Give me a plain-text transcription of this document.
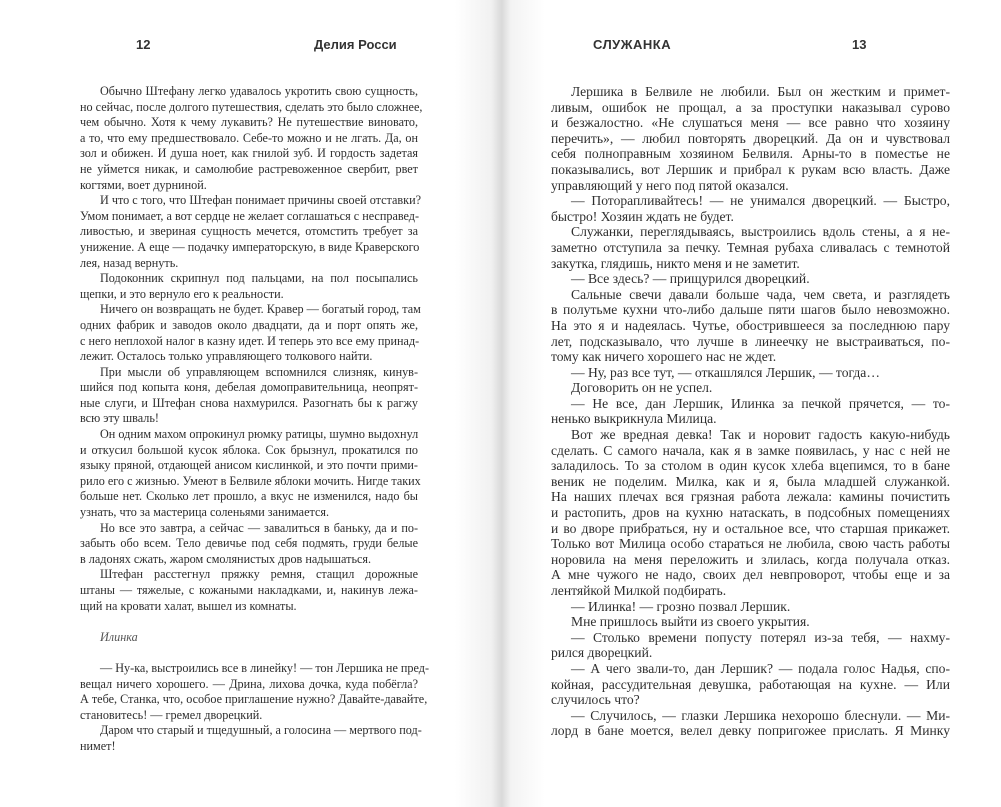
12	Делия Росси
Обычно Штефану легко удавалось укротить свою сущность,
но сейчас, после долгого путешествия, сделать это было сложнее,
чем обычно. Хотя к чему лукавить? Не путешествие виновато,
а то, что ему предшествовало. Себе-то можно и не лгать. Да, он
зол и обижен. И душа ноет, как гнилой зуб. И гордость задетая
не уймется никак, и самолюбие растревоженное свербит, рвет
когтями, воет дурниной.
И что с того, что Штефан понимает причины своей отставки?
Умом понимает, а вот сердце не желает соглашаться с несправед-
ливостью, и звериная сущность мечется, отомстить требует за
унижение. А еще — подачку императорскую, в виде Краверского
лея, назад вернуть.
Подоконник скрипнул под пальцами, на пол посыпались
щепки, и это вернуло его к реальности.
Ничего он возвращать не будет. Кравер — богатый город, там
одних фабрик и заводов около двадцати, да и порт опять же,
с него неплохой налог в казну идет. И теперь это все ему принад-
лежит. Осталось только управляющего толкового найти.
При мысли об управляющем вспомнился слизняк, кинув-
шийся под копыта коня, дебелая домоправительница, неопрят-
ные слуги, и Штефан снова нахмурился. Разогнать бы к рагжу
всю эту шваль!
Он одним махом опрокинул рюмку ратицы, шумно выдохнул
и откусил большой кусок яблока. Сок брызнул, прокатился по
языку пряной, отдающей анисом кислинкой, и это почти прими-
рило его с жизнью. Умеют в Белвиле яблоки мочить. Нигде таких
больше нет. Сколько лет прошло, а вкус не изменился, надо бы
узнать, что за мастерица соленьями занимается.
Но все это завтра, а сейчас — завалиться в баньку, да и по-
забыть обо всем. Тело девичье под себя подмять, груди белые
в ладонях сжать, жаром смолянистых дров надышаться.
Штефан расстегнул пряжку ремня, стащил дорожные
штаны — тяжелые, с кожаными накладками, и, накинув лежа-
щий на кровати халат, вышел из комнаты.
Илинка
— Ну-ка, выстроились все в линейку! — тон Лершика не пред-
вещал ничего хорошего. — Дрина, лихова дочка, куда побёгла?
А тебе, Станка, что, особое приглашение нужно? Давайте-давайте,
становитесь! — гремел дворецкий.
Даром что старый и тщедушный, а голосина — мертвого под-
нимет!
СЛУЖАНКА	13
Лершика в Белвиле не любили. Был он жестким и примет-
ливым, ошибок не прощал, а за проступки наказывал сурово
и безжалостно. «Не слушаться меня — все равно что хозяину
перечить», — любил повторять дворецкий. Да он и чувствовал
себя полноправным хозяином Белвиля. Арны-то в поместье не
показывались, вот Лершик и прибрал к рукам всю власть. Даже
управляющий у него под пятой оказался.
— Поторапливайтесь! — не унимался дворецкий. — Быстро,
быстро! Хозяин ждать не будет.
Служанки, переглядываясь, выстроились вдоль стены, а я не-
заметно отступила за печку. Темная рубаха сливалась с темнотой
закутка, глядишь, никто меня и не заметит.
— Все здесь? — прищурился дворецкий.
Сальные свечи давали больше чада, чем света, и разглядеть
в полутьме кухни что-либо дальше пяти шагов было невозможно.
На это я и надеялась. Чутье, обострившееся за последнюю пару
лет, подсказывало, что лучше в линеечку не выстраиваться, по-
тому как ничего хорошего нас не ждет.
— Ну, раз все тут, — откашлялся Лершик, — тогда…
Договорить он не успел.
— Не все, дан Лершик, Илинка за печкой прячется, — то-
ненько выкрикнула Милица.
Вот же вредная девка! Так и норовит гадость какую-нибудь
сделать. С самого начала, как я в замке появилась, у нас с ней не
заладилось. То за столом в один кусок хлеба вцепимся, то в бане
веник не поделим. Милка, как и я, была младшей служанкой.
На наших плечах вся грязная работа лежала: камины почистить
и растопить, дров на кухню натаскать, в подсобных помещениях
и во дворе прибраться, ну и остальное все, что старшая прикажет.
Только вот Милица особо стараться не любила, свою часть работы
норовила на меня переложить и злилась, когда получала отказ.
А мне чужого не надо, своих дел невпроворот, чтобы еще и за
лентяйкой Милкой подбирать.
— Илинка! — грозно позвал Лершик.
Мне пришлось выйти из своего укрытия.
— Столько времени попусту потерял из-за тебя, — нахму-
рился дворецкий.
— А чего звали-то, дан Лершик? — подала голос Надья, спо-
койная, рассудительная девушка, работающая на кухне. — Или
случилось что?
— Случилось, — глазки Лершика нехорошо блеснули. — Ми-
лорд в бане моется, велел девку попригожее прислать. Я Минку
